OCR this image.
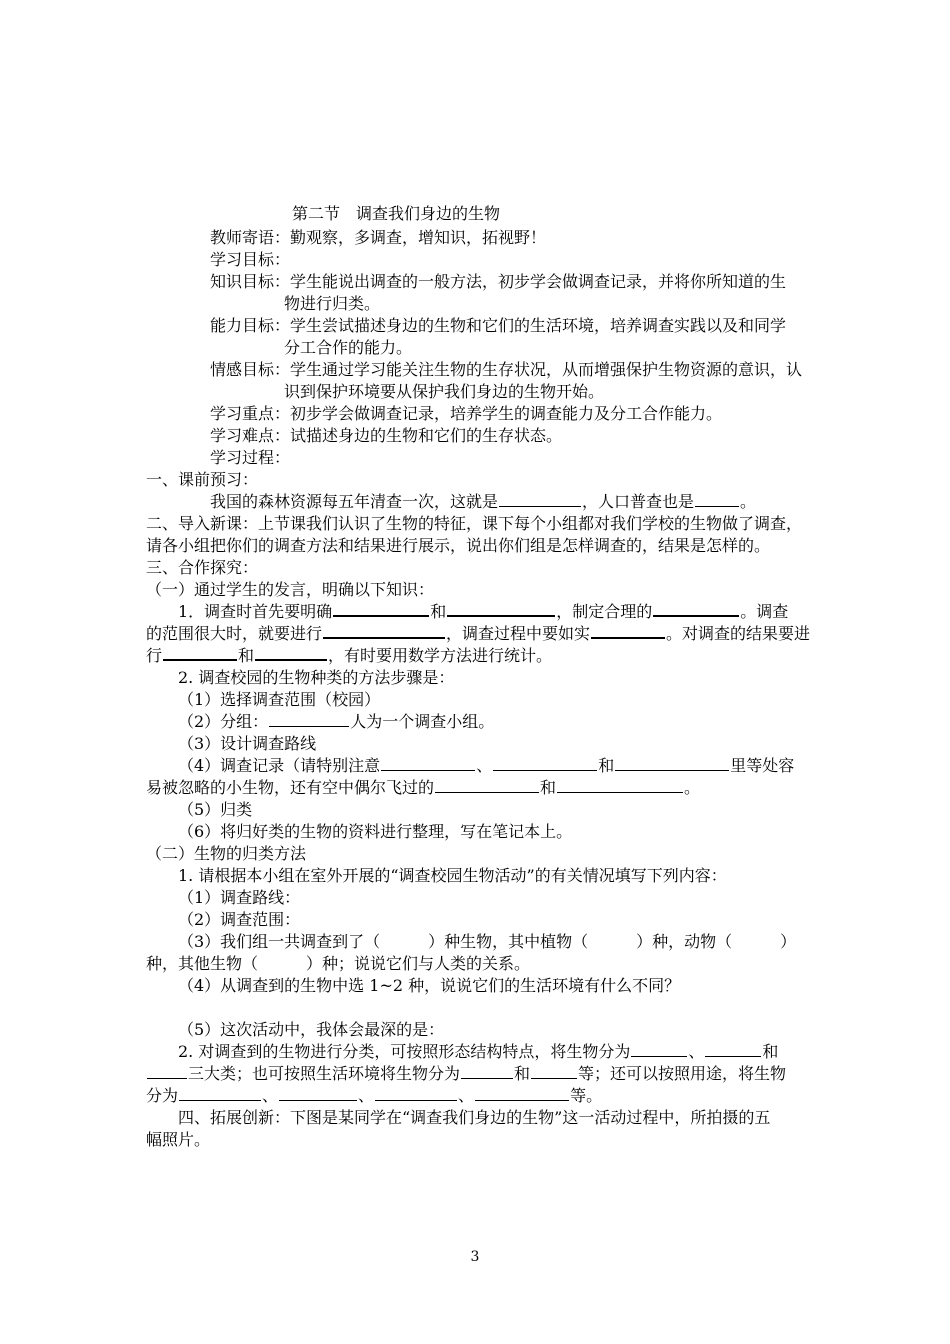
第二节　调查我们身边的生物
教师寄语：勤观察，多调查，增知识，拓视野！
学习目标：
知识目标：学生能说出调查的一般方法，初步学会做调查记录，并将你所知道的生
物进行归类。
能力目标：学生尝试描述身边的生物和它们的生活环境，培养调查实践以及和同学
分工合作的能力。
情感目标：学生通过学习能关注生物的生存状况，从而增强保护生物资源的意识，认
识到保护环境要从保护我们身边的生物开始。
学习重点：初步学会做调查记录，培养学生的调查能力及分工合作能力。
学习难点：试描述身边的生物和它们的生存状态。
学习过程：
一、课前预习：
我国的森林资源每五年清查一次，这就是	，人口普查也是	。
二、导入新课：上节课我们认识了生物的特征，课下每个小组都对我们学校的生物做了调查，
请各小组把你们的调查方法和结果进行展示，说出你们组是怎样调查的，结果是怎样的。
三、合作探究：
（一）通过学生的发言，明确以下知识：
1．调查时首先要明确	和	，制定合理的	。调查
的范围很大时，就要进行	，调查过程中要如实	。对调查的结果要进
行	和	，有时要用数学方法进行统计。
2. 调查校园的生物种类的方法步骤是：
（1）选择调查范围（校园）
（2）分组：	人为一个调查小组。
（3）设计调查路线
（4）调查记录（请特别注意	、	和	里等处容
易被忽略的小生物，还有空中偶尔飞过的	和	。
（5）归类
（6）将归好类的生物的资料进行整理，写在笔记本上。
（二）生物的归类方法
1. 请根据本小组在室外开展的“调查校园生物活动”的有关情况填写下列内容：
（1）调查路线：
（2）调查范围：
（3）我们组一共调查到了（　　　）种生物，其中植物（　　　）种，动物（　　　）
种，其他生物（　　　）种；说说它们与人类的关系。
（4）从调查到的生物中选 1~2 种，说说它们的生活环境有什么不同？
（5）这次活动中，我体会最深的是：
2. 对调查到的生物进行分类，可按照形态结构特点，将生物分为	、	和
三大类；也可按照生活环境将生物分为	和	等；还可以按照用途，将生物
分为	、	、	、	等。
四、拓展创新：下图是某同学在“调查我们身边的生物”这一活动过程中，所拍摄的五
幅照片。
3
